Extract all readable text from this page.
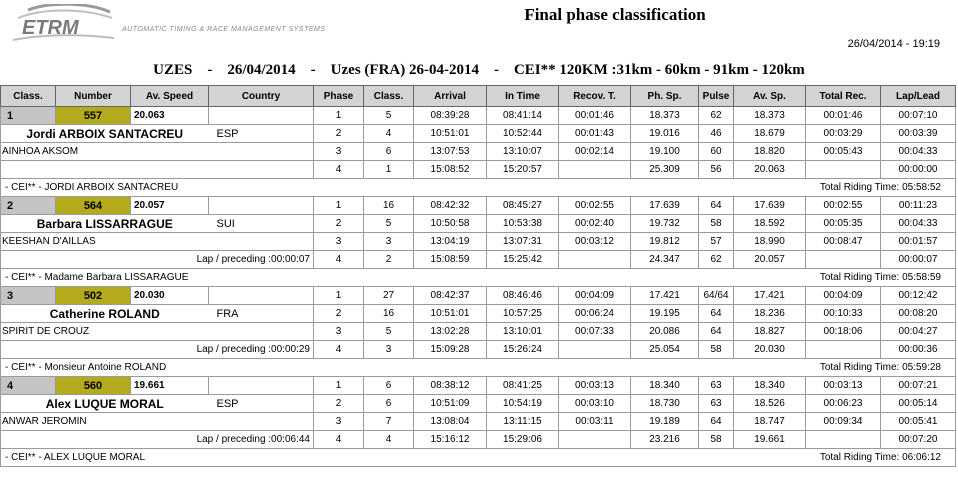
ETRM	AUTOMATIC TIMING & RACE MANAGEMENT SYSTEMS
Final phase classification
26/04/2014 - 19:19
UZES    -    26/04/2014    -    Uzes (FRA) 26-04-2014    -    CEI** 120KM :31km - 60km - 91km - 120km
Class.	Number	Av. Speed	Country	Phase	Class.	Arrival	In Time	Recov. T.	Ph. Sp.	Pulse	Av. Sp.	Total Rec.	Lap/Lead
1	557	20.063		1	5	08:39:28	08:41:14	00:01:46	18.373	62	18.373	00:01:46	00:07:10
Jordi ARBOIX SANTACREU			ESP	2	4	10:51:01	10:52:44	00:01:43	19.016	46	18.679	00:03:29	00:03:39
AINHOA AKSOM				3	6	13:07:53	13:10:07	00:02:14	19.100	60	18.820	00:05:43	00:04:33
				4	1	15:08:52	15:20:57		25.309	56	20.063		00:00:00
- CEI** - JORDI ARBOIX SANTACREU								Total Riding Time: 05:58:52					
2	564	20.057		1	16	08:42:32	08:45:27	00:02:55	17.639	64	17.639	00:02:55	00:11:23
Barbara LISSARRAGUE			SUI	2	5	10:50:58	10:53:38	00:02:40	19.732	58	18.592	00:05:35	00:04:33
KEESHAN D'AILLAS				3	3	13:04:19	13:07:31	00:03:12	19.812	57	18.990	00:08:47	00:01:57
Lap / preceding :00:00:07				4	2	15:08:59	15:25:42		24.347	62	20.057		00:00:07
- CEI** - Madame Barbara LISSARAGUE								Total Riding Time: 05:58:59					
3	502	20.030		1	27	08:42:37	08:46:46	00:04:09	17.421	64/64	17.421	00:04:09	00:12:42
Catherine ROLAND			FRA	2	16	10:51:01	10:57:25	00:06:24	19.195	64	18.236	00:10:33	00:08:20
SPIRIT DE CROUZ				3	5	13:02:28	13:10:01	00:07:33	20.086	64	18.827	00:18:06	00:04:27
Lap / preceding :00:00:29				4	3	15:09:28	15:26:24		25.054	58	20.030		00:00:36
- CEI** - Monsieur Antoine ROLAND								Total Riding Time: 05:59:28					
4	560	19.661		1	6	08:38:12	08:41:25	00:03:13	18.340	63	18.340	00:03:13	00:07:21
Alex LUQUE MORAL			ESP	2	6	10:51:09	10:54:19	00:03:10	18.730	63	18.526	00:06:23	00:05:14
ANWAR JEROMIN				3	7	13:08:04	13:11:15	00:03:11	19.189	64	18.747	00:09:34	00:05:41
Lap / preceding :00:06:44				4	4	15:16:12	15:29:06		23.216	58	19.661		00:07:20
- CEI** - ALEX LUQUE MORAL								Total Riding Time: 06:06:12					
